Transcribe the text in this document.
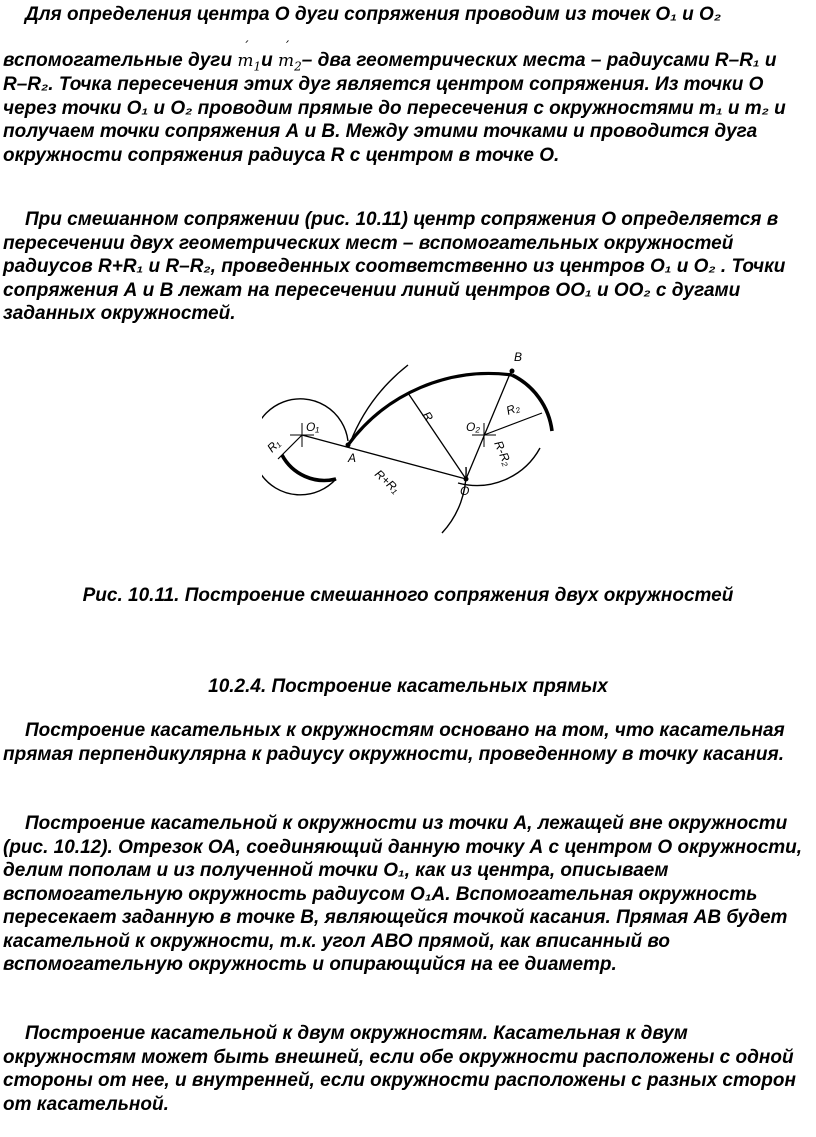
Для определения центра О дуги сопряжения проводим из точек О₁ и О₂
вспомогательные дуги m
′
$_1$и m
′
$_2$– два геометрических места – радиусами R–R₁ и R–R₂. Точка пересечения этих дуг является центром сопряжения. Из точки О через точки О₁ и О₂ проводим прямые до пересечения с окружностями m₁ и m₂ и получаем точки сопряжения А и В. Между этими точками и проводится дуга окружности сопряжения радиуса R с центром в точке О.

При смешанном сопряжении (рис. 10.11) центр сопряжения О определяется в пересечении двух геометрических мест – вспомогательных окружностей радиусов R+R₁ и R–R₂, проведенных соответственно из центров О₁ и О₂ . Точки сопряжения А и В лежат на пересечении линий центров ОО₁ и ОО₂ с дугами заданных окружностей.

O₁	O₂
O
A
B
R
R₁
R₂
R+R₁
R-R₂
Рис. 10.11. Построение смешанного сопряжения двух окружностей
10.2.4. Построение касательных прямых

Построение касательных к окружностям основано на том, что касательная прямая перпендикулярна к радиусу окружности, проведенному в точку касания.

Построение касательной к окружности из точки А, лежащей вне окружности (рис. 10.12). Отрезок ОА, соединяющий данную точку А с центром О окружности, делим пополам и из полученной точки О₁, как из центра, описываем вспомогательную окружность радиусом О₁А. Вспомогательная окружность пересекает заданную в точке В, являющейся точкой касания. Прямая АВ будет касательной к окружности, т.к. угол АВО прямой, как вписанный во вспомогательную окружность и опирающийся на ее диаметр.

Построение касательной к двум окружностям. Касательная к двум окружностям может быть внешней, если обе окружности расположены с одной стороны от нее, и внутренней, если окружности расположены с разных сторон от касательной.
